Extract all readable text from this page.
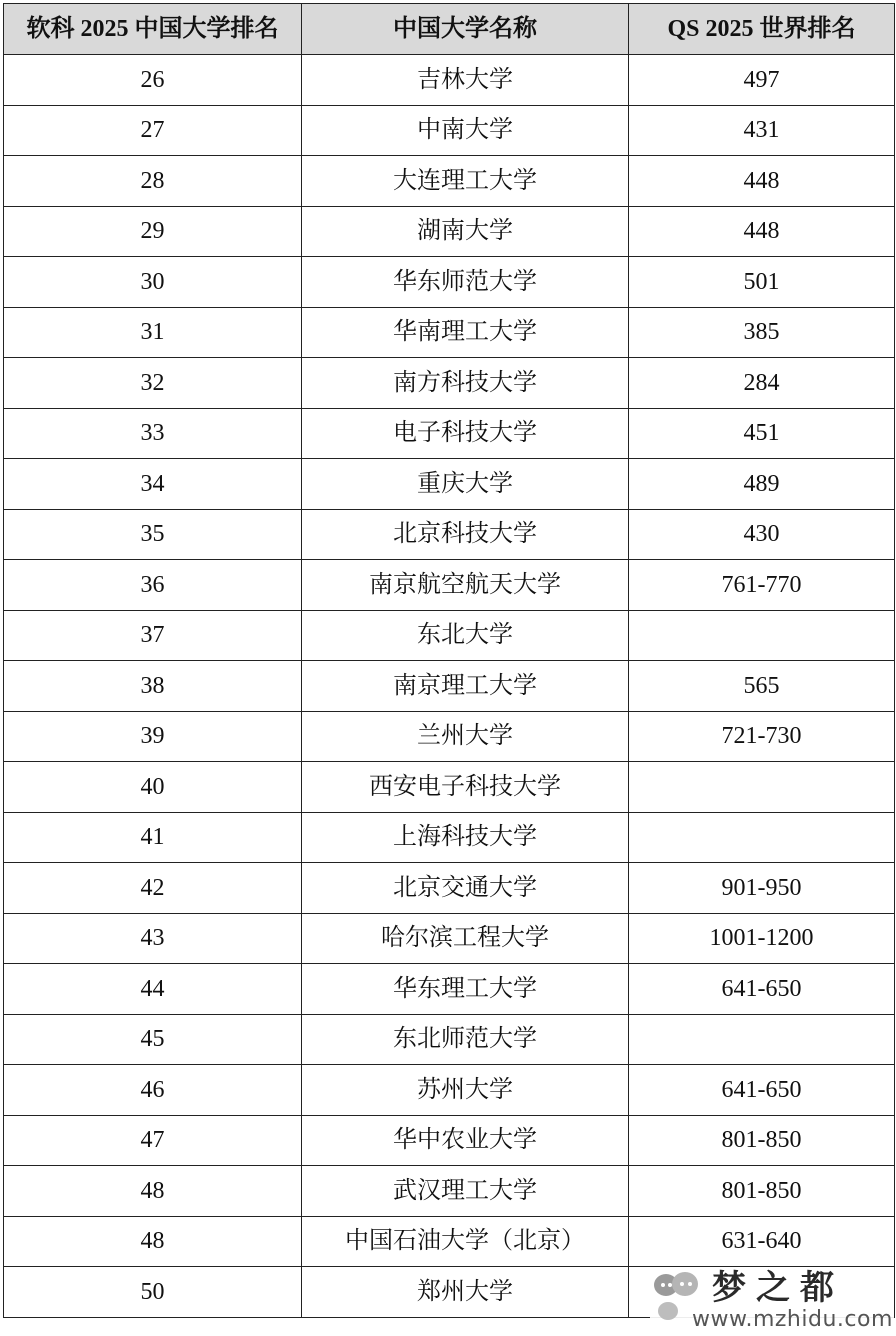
软科 2025 中国大学排名	中国大学名称	QS 2025 世界排名
26	吉林大学	497
27	中南大学	431
28	大连理工大学	448
29	湖南大学	448
30	华东师范大学	501
31	华南理工大学	385
32	南方科技大学	284
33	电子科技大学	451
34	重庆大学	489
35	北京科技大学	430
36	南京航空航天大学	761-770
37	东北大学	
38	南京理工大学	565
39	兰州大学	721-730
40	西安电子科技大学	
41	上海科技大学	
42	北京交通大学	901-950
43	哈尔滨工程大学	1001-1200
44	华东理工大学	641-650
45	东北师范大学	
46	苏州大学	641-650
47	华中农业大学	801-850
48	武汉理工大学	801-850
48	中国石油大学（北京）	631-640
50	郑州大学		梦之都
www.mzhidu.com
